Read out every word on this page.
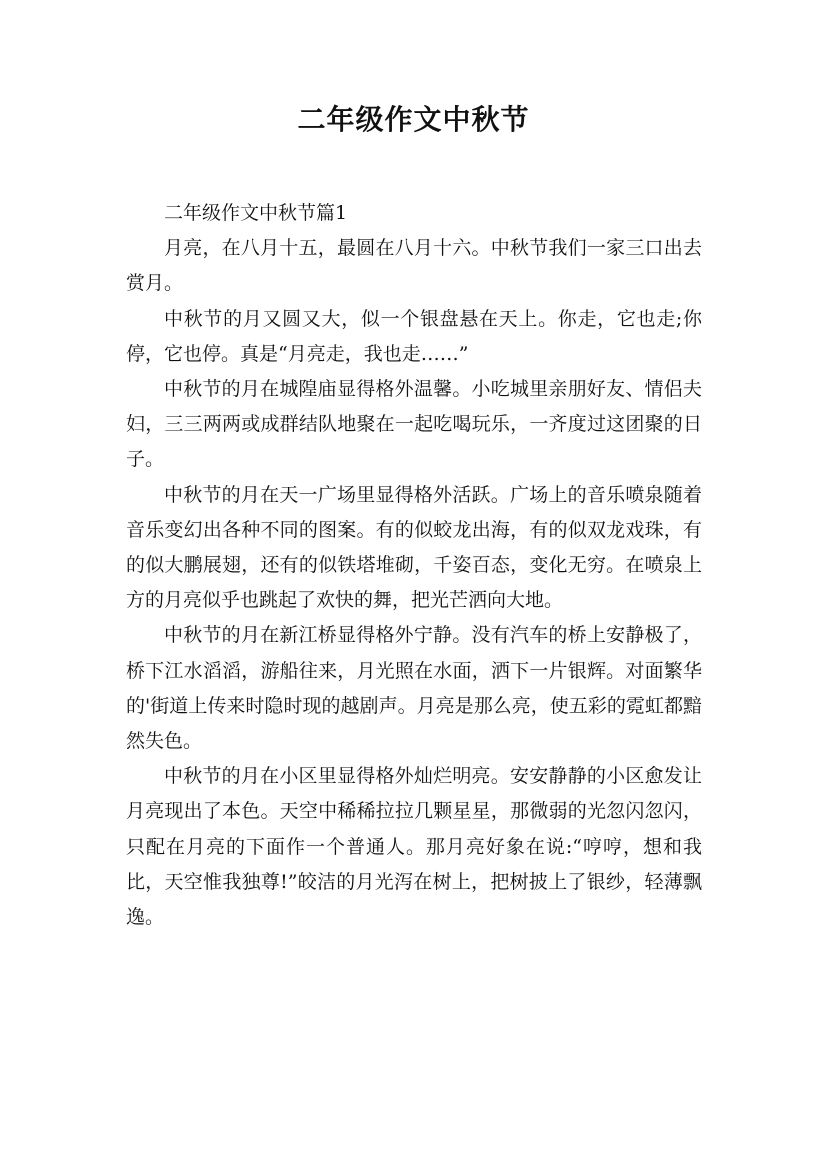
二年级作文中秋节

二年级作文中秋节篇1

月亮，在八月十五，最圆在八月十六。中秋节我们一家三口出去赏月。

中秋节的月又圆又大，似一个银盘悬在天上。你走，它也走;你停，它也停。真是“月亮走，我也走……”

中秋节的月在城隍庙显得格外温馨。小吃城里亲朋好友、情侣夫妇，三三两两或成群结队地聚在一起吃喝玩乐，一齐度过这团聚的日子。

中秋节的月在天一广场里显得格外活跃。广场上的音乐喷泉随着音乐变幻出各种不同的图案。有的似蛟龙出海，有的似双龙戏珠，有的似大鹏展翅，还有的似铁塔堆砌，千姿百态，变化无穷。在喷泉上方的月亮似乎也跳起了欢快的舞，把光芒洒向大地。

中秋节的月在新江桥显得格外宁静。没有汽车的桥上安静极了，桥下江水滔滔，游船往来，月光照在水面，洒下一片银辉。对面繁华的'街道上传来时隐时现的越剧声。月亮是那么亮，使五彩的霓虹都黯然失色。

中秋节的月在小区里显得格外灿烂明亮。安安静静的小区愈发让月亮现出了本色。天空中稀稀拉拉几颗星星，那微弱的光忽闪忽闪，只配在月亮的下面作一个普通人。那月亮好象在说:“哼哼，想和我比，天空惟我独尊!”皎洁的月光泻在树上，把树披上了银纱，轻薄飘逸。
